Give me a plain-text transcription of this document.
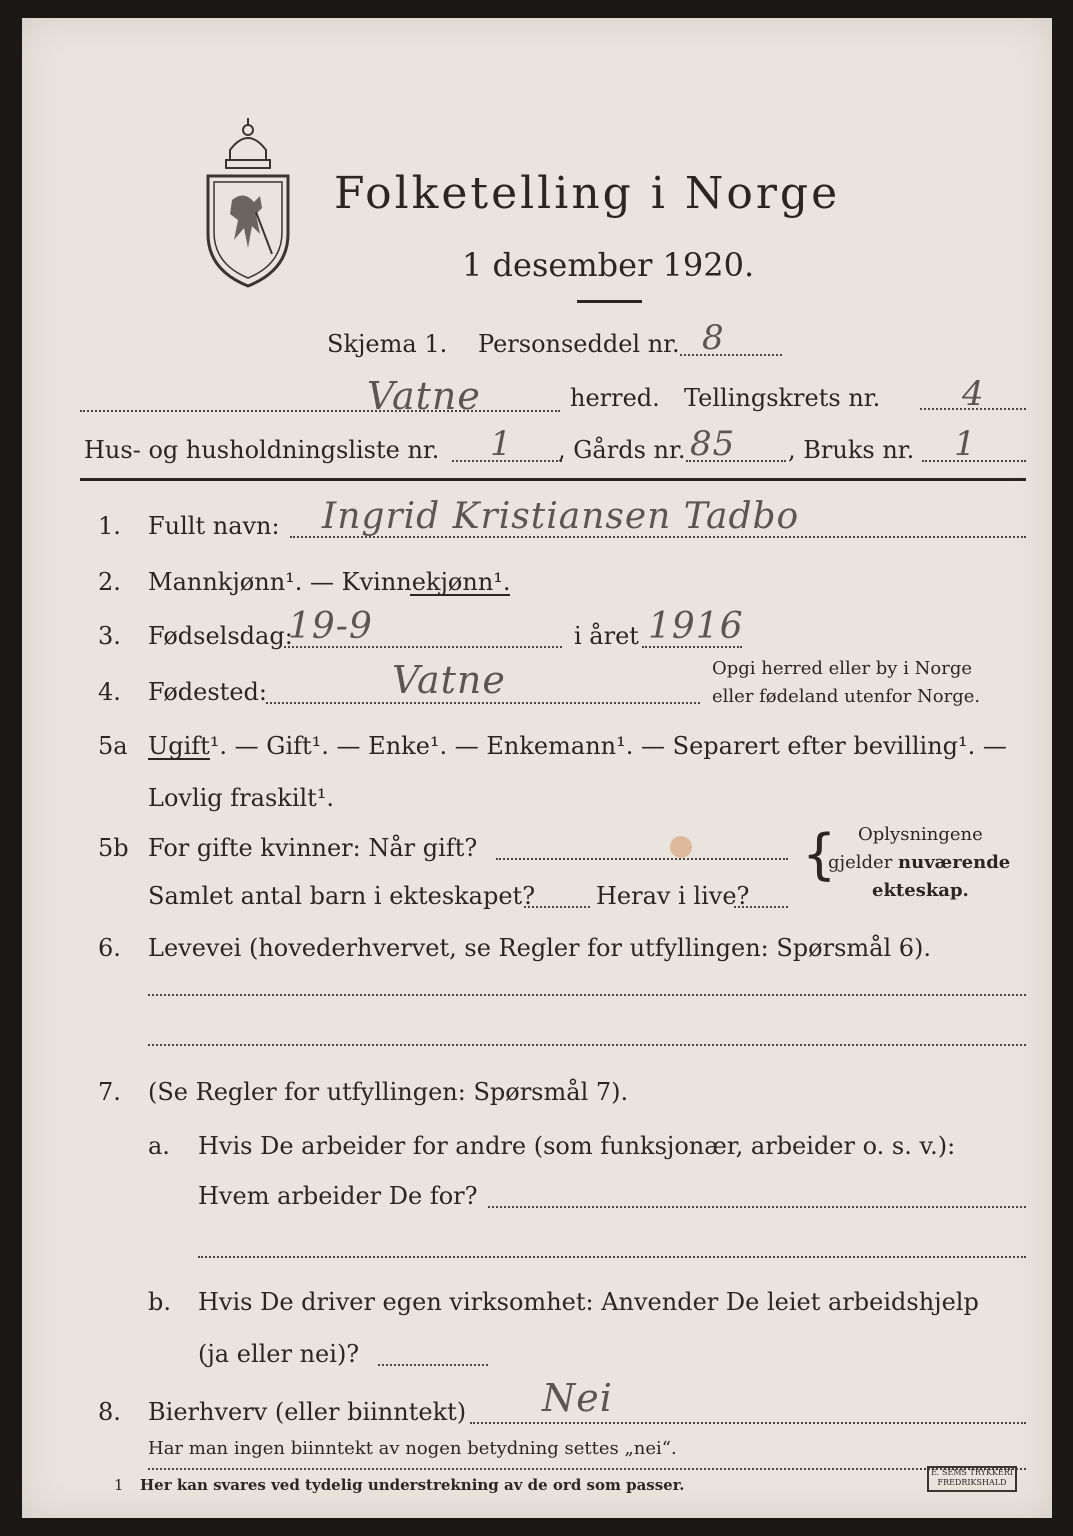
Folketelling i Norge
1 desember 1920.
Skjema 1. Personseddel nr. 8
Vatne	herred. Tellingskrets nr. 4
Hus- og husholdningsliste nr. 1 , Gårds nr. 85 , Bruks nr. 1
1. Fullt navn: Ingrid Kristiansen Tadbo
2. Mannkjønn¹. — Kvinnekjønn¹.
3. Fødselsdag:
19-9	i året 1916
4. Fødested:	Vatne	Opgi herred eller by i Norge
eller fødeland utenfor Norge.
5a Ugift¹. — Gift¹. — Enke¹. — Enkemann¹. — Separert efter bevilling¹. —
Lovlig fraskilt¹.
5b For gifte kvinner: Når gift?
Samlet antal barn i ekteskapet?	Herav i live?
{ Oplysningene
gjelder nuværende
ekteskap.
6. Levevei (hovederhvervet, se Regler for utfyllingen: Spørsmål 6).
7. (Se Regler for utfyllingen: Spørsmål 7).
a. Hvis De arbeider for andre (som funksjonær, arbeider o. s. v.):
Hvem arbeider De for?
b. Hvis De driver egen virksomhet: Anvender De leiet arbeidshjelp
(ja eller nei)?
8. Bierhverv (eller biinntekt) Nei
Har man ingen biinntekt av nogen betydning settes „nei“.
1 Her kan svares ved tydelig understrekning av de ord som passer.
E. SEMS TRYKKERI FREDRIKSHALD
